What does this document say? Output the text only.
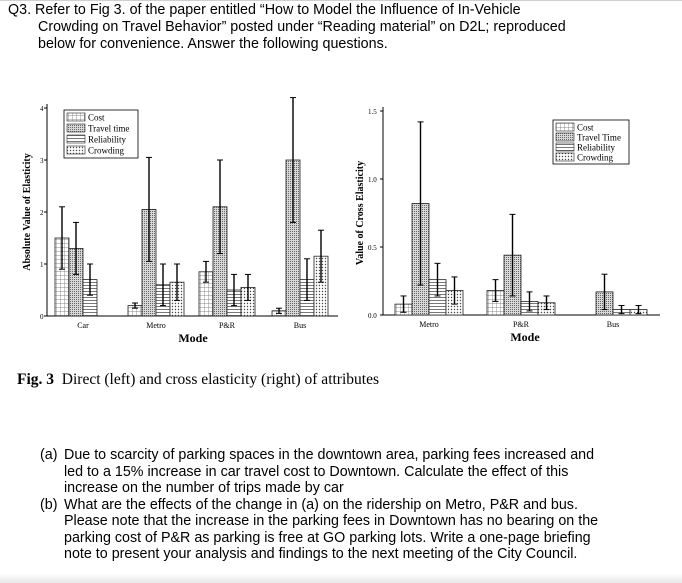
Q3. Refer to Fig 3. of the paper entitled “How to Model the Influence of In-Vehicle
Crowding on Travel Behavior” posted under “Reading material” on D2L; reproduced
below for convenience. Answer the following questions.
0
1
2
3
4
Absolute Value of Elasticity
Car	Metro	P&R	Bus
Mode
Cost
Travel time
Reliability
Crowding
0.0
0.5
1.0
1.5
Value of Cross Elasticity
Metro	P&R	Bus
Mode
Cost
Travel Time
Reliability
Crowding
Fig. 3 Direct (left) and cross elasticity (right) of attributes
(a) Due to scarcity of parking spaces in the downtown area, parking fees increased and led to a 15% increase in car travel cost to Downtown. Calculate the effect of this increase on the number of trips made by car
(b) What are the effects of the change in (a) on the ridership on Metro, P&R and bus. Please note that the increase in the parking fees in Downtown has no bearing on the parking cost of P&R as parking is free at GO parking lots. Write a one-page briefing note to present your analysis and findings to the next meeting of the City Council.
